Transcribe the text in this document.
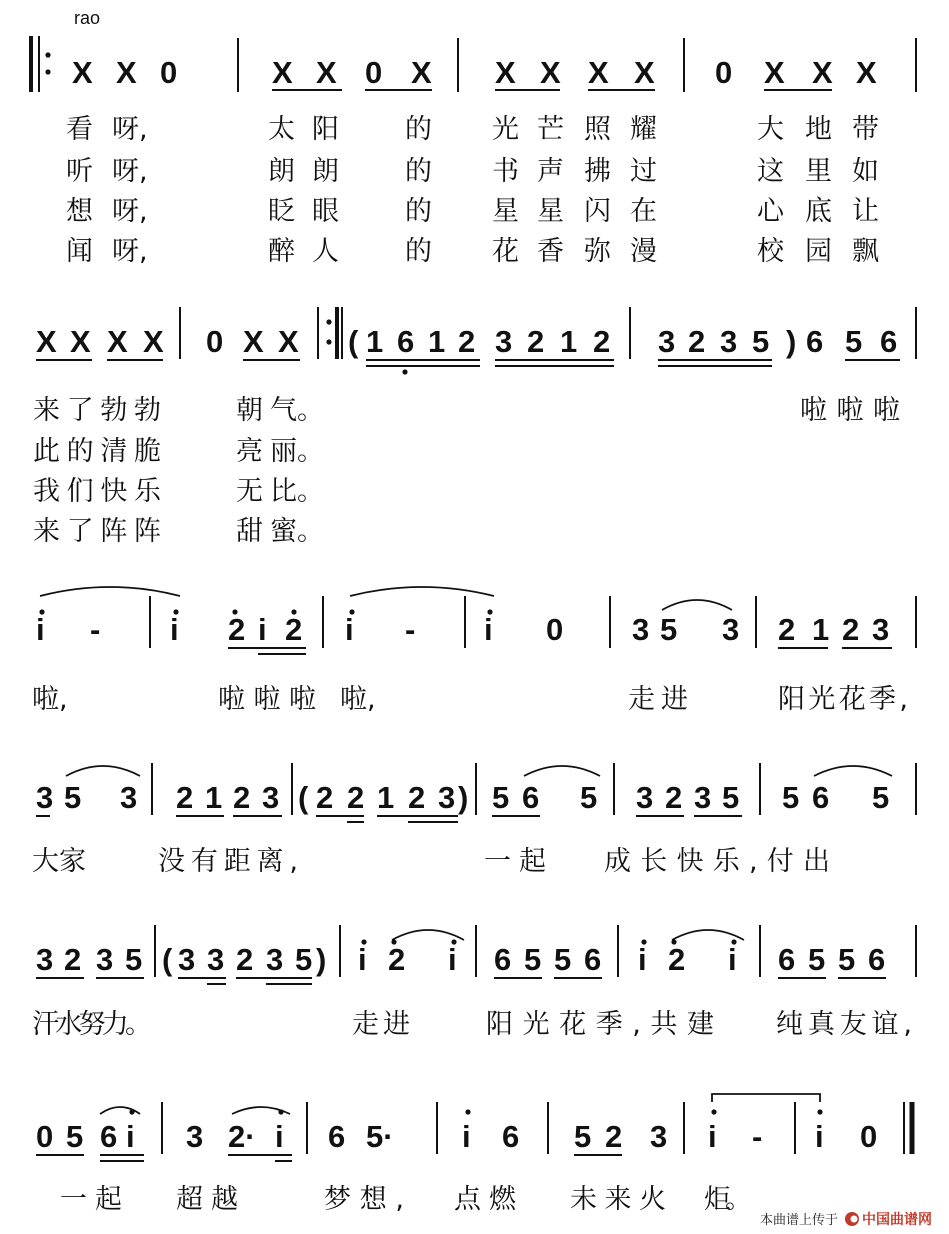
rao
X X 0	X X 0 X X X X X 0 X X X
看 呀,	太 阳 的 光 芒 照 耀	大 地 带
听 呀,	朗 朗 的 书 声 拂 过	这 里 如
想 呀,	眨 眼 的 星 星 闪 在	心 底 让
闻 呀,	醉 人 的 花 香 弥 漫	校 园 飘
X X X X 0 X X ( 1 6 1 2 3 2 1 2 3 2 3 5 ) 6 5 6
来了勃勃	朝 气。	啦啦啦
此的清脆	亮 丽。
我们快乐	无 比。
来了阵阵	甜 蜜。
i - i 2 i 2 i - i 0 3 5 3 2 1 2 3
啦,	啦啦啦 啦,	走进	阳光花季,
3 5 3 2 1 2 3 ( 2 2 1 2 3 ) 5 6 5 3 2 3 5 5 6 5
大家	没有距离,	一起 成长快乐,付出
3 2 3 5 ( 3 3 2 3 5 ) i 2 i 6 5 5 6 i 2 i 6 5 5 6
汗水努力。	走进	阳光花季,共建 纯真友谊,
0 5 6 i 3 2· i 6 5· i 6 5 2 3 i - i 0
一起 超越	梦想, 点燃 未来火 炬。
本曲谱上传于 中国曲谱网
